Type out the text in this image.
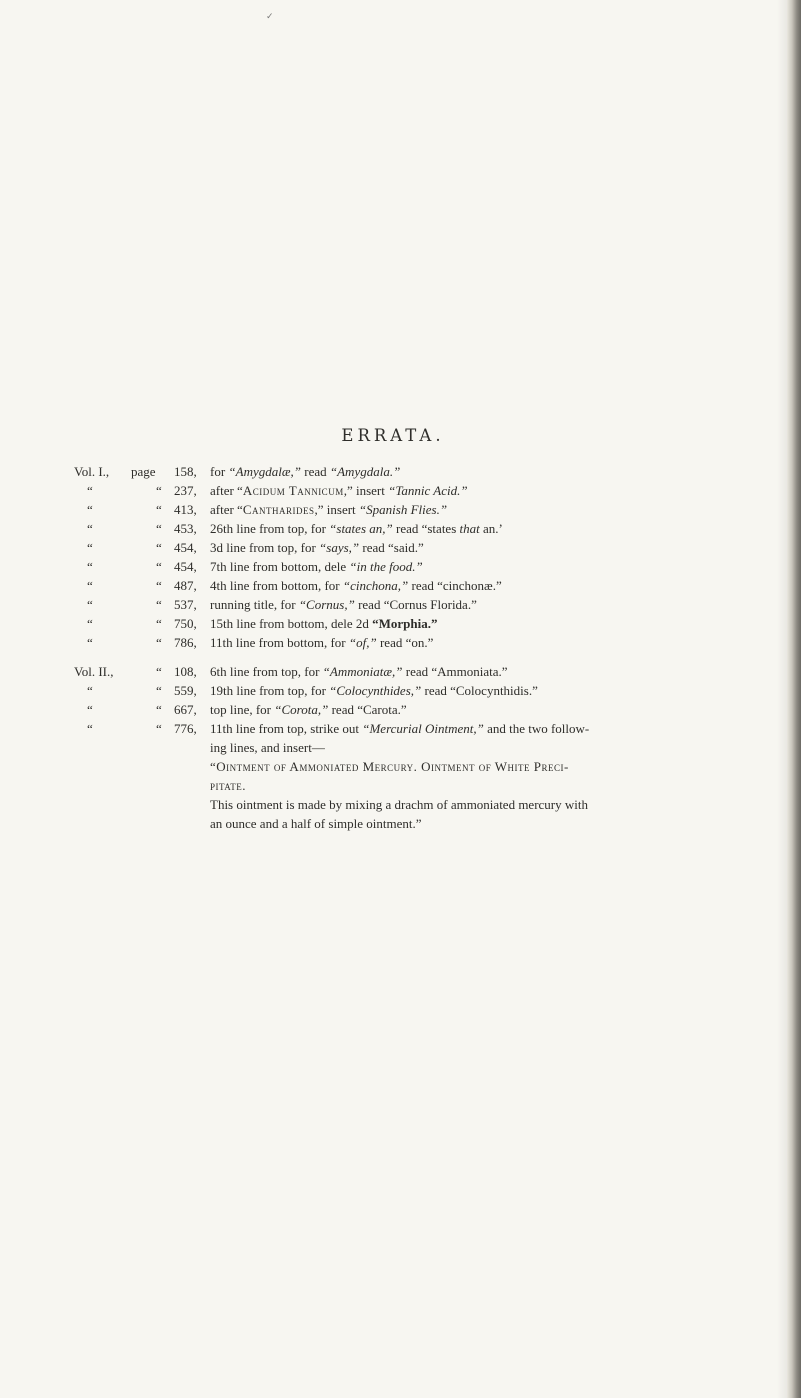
✓
ERRATA.
Vol. I., page 158, for “Amygdalæ,” read “Amygdala.”
“	“ 237, after “Acidum Tannicum,” insert “Tannic Acid.”
“	“ 413, after “Cantharides,” insert “Spanish Flies.”
“	“ 453, 26th line from top, for “states an,” read “states that an.’
“	“ 454, 3d line from top, for “says,” read “said.”
“	“ 454, 7th line from bottom, dele “in the food.”
“	“ 487, 4th line from bottom, for “cinchona,” read “cinchonæ.”
“	“ 537, running title, for “Cornus,” read “Cornus Florida.”
“	“ 750, 15th line from bottom, dele 2d “Morphia.”
“	“ 786, 11th line from bottom, for “of,” read “on.”
Vol. II.,	“ 108, 6th line from top, for “Ammoniatæ,” read “Ammoniata.”
“	“ 559, 19th line from top, for “Colocynthides,” read “Colocynthidis.”
“	“ 667, top line, for “Corota,” read “Carota.”
“	“ 776, 11th line from top, strike out “Mercurial Ointment,” and the two follow-
ing lines, and insert—
“Ointment of Ammoniated Mercury. Ointment of White Preci-
pitate.
This ointment is made by mixing a drachm of ammoniated mercury with
an ounce and a half of simple ointment.”
